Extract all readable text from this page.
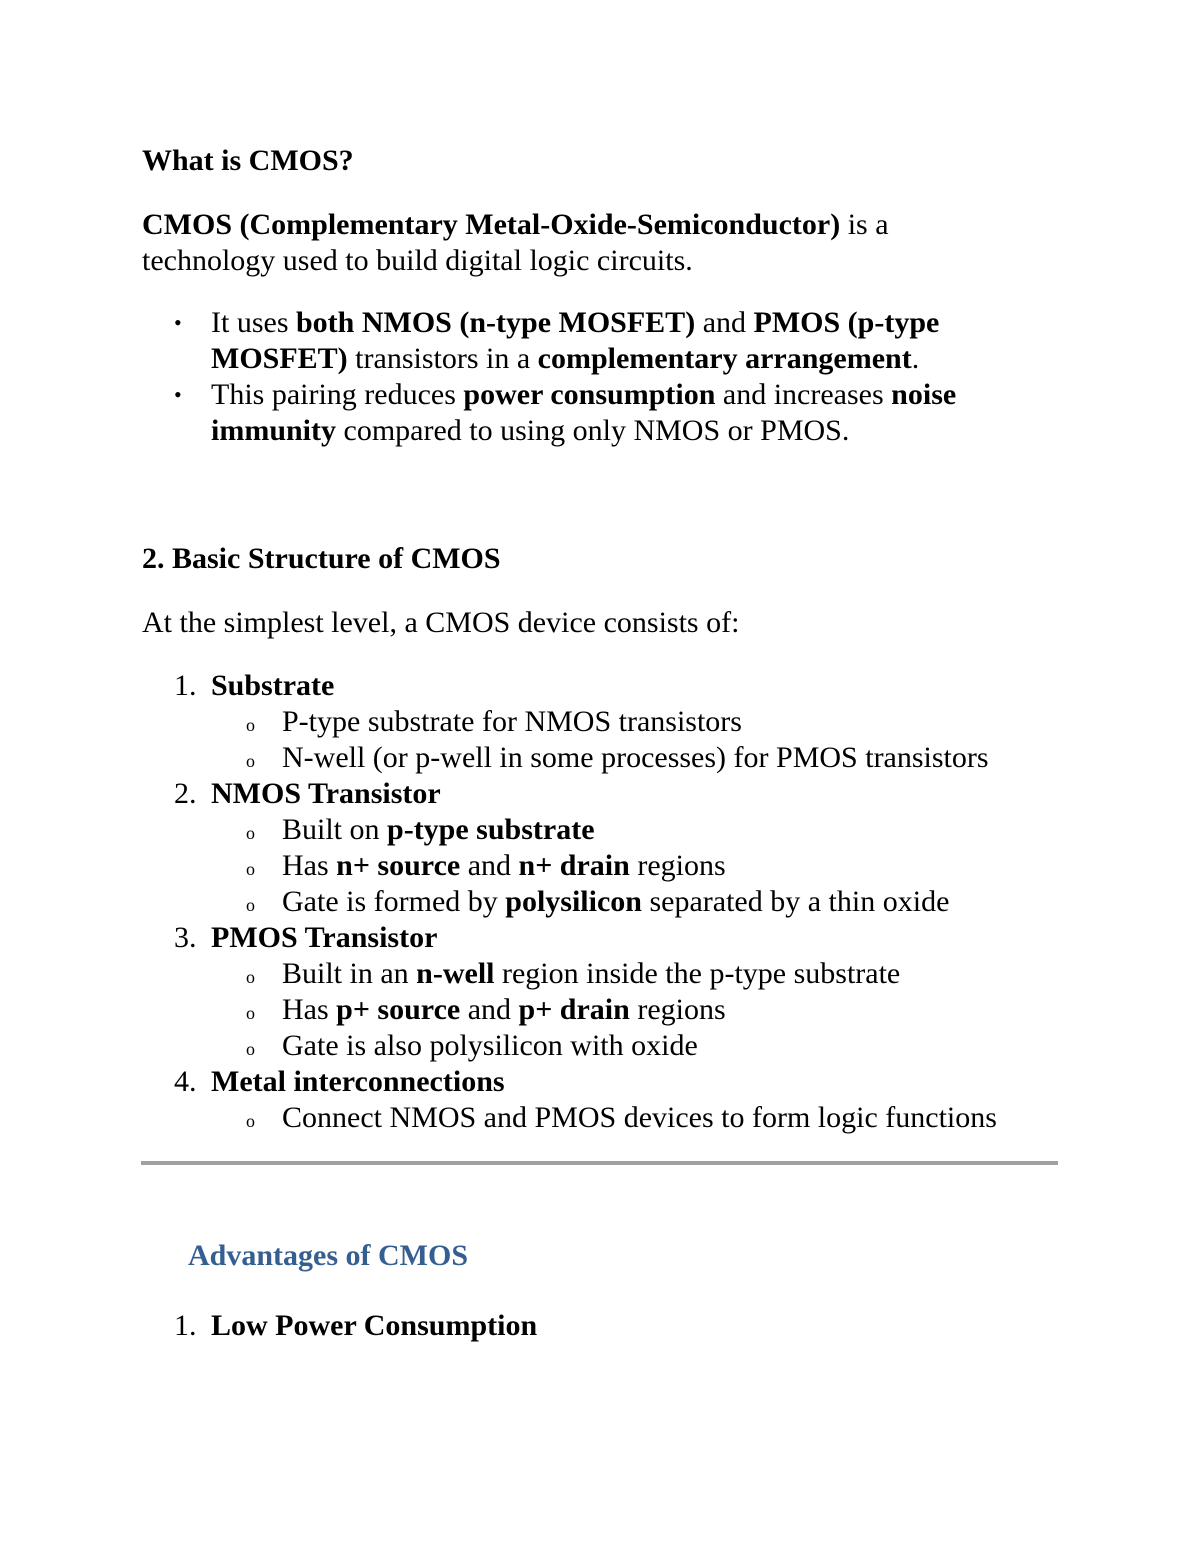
What is CMOS?

CMOS (Complementary Metal-Oxide-Semiconductor) is a
technology used to build digital logic circuits.

• It uses both NMOS (n-type MOSFET) and PMOS (p-type MOSFET) transistors in a complementary arrangement.
• This pairing reduces power consumption and increases noise immunity compared to using only NMOS or PMOS.

2. Basic Structure of CMOS

At the simplest level, a CMOS device consists of:

1. Substrate
o P-type substrate for NMOS transistors
o N-well (or p-well in some processes) for PMOS transistors
2. NMOS Transistor
o Built on p-type substrate
o Has n+ source and n+ drain regions
o Gate is formed by polysilicon separated by a thin oxide
3. PMOS Transistor
o Built in an n-well region inside the p-type substrate
o Has p+ source and p+ drain regions
o Gate is also polysilicon with oxide
4. Metal interconnections
o Connect NMOS and PMOS devices to form logic functions

Advantages of CMOS

1. Low Power Consumption
